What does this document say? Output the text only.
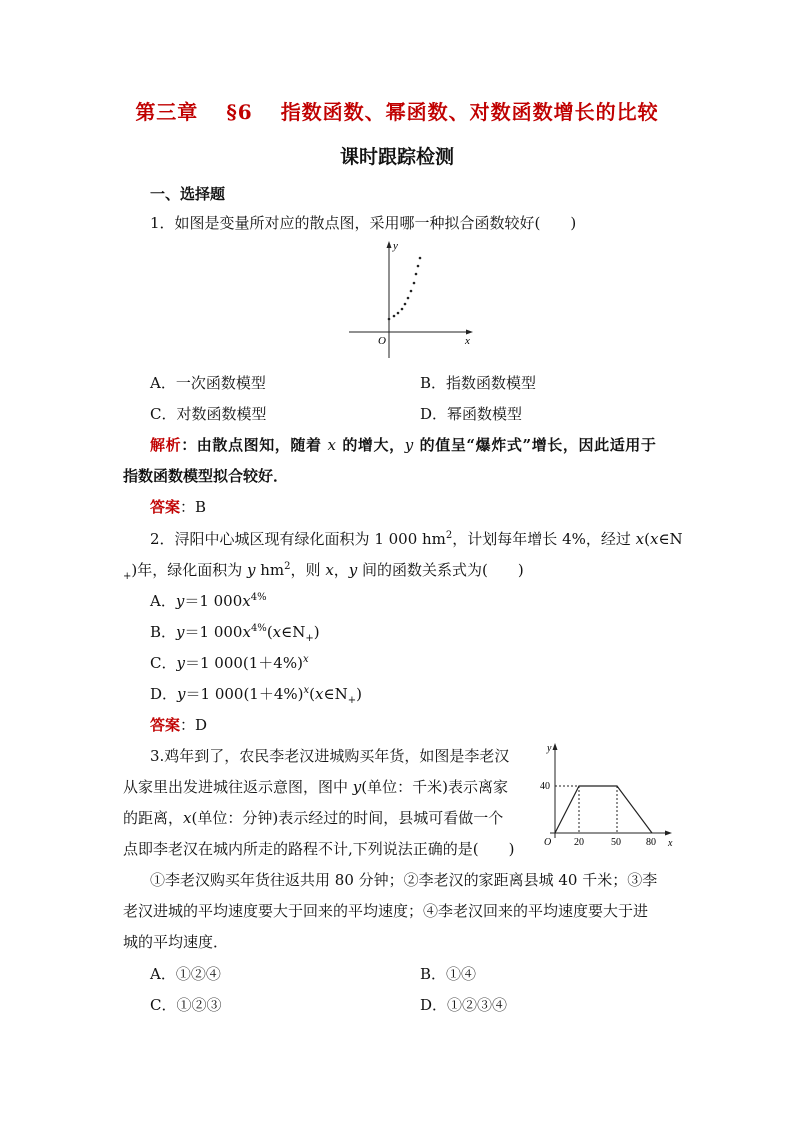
第三章 §6 指数函数、幂函数、对数函数增长的比较
课时跟踪检测
一、选择题
1．如图是变量所对应的散点图，采用哪一种拟合函数较好(　　)
y
x
O
A．一次函数模型	B．指数函数模型
C．对数函数模型	D．幂函数模型
解析：由散点图知，随着 x 的增大，y 的值呈“爆炸式”增长，因此适用于
指数函数模型拟合较好．
答案：B
2．浔阳中心城区现有绿化面积为 1 000 $hm^2$，计划每年增长 4%，经过 x(x∈N
$_+$)年，绿化面积为 y $hm^2$，则 x，y 间的函数关系式为(　　)
A．y＝1 $000x^{4\%}$
B．y＝1 $000x^{4\%}(x\in N_+)$
C．y＝1 $000(1+4\%)^x$
D．y＝1 $000(1+4\%)^x(x\in N_+)$
答案：D
3.鸡年到了，农民李老汉进城购买年货，如图是李老汉
从家里出发进城往返示意图，图中 y(单位：千米)表示离家
的距离，x(单位：分钟)表示经过的时间，县城可看做一个
点即李老汉在城内所走的路程不计,下列说法正确的是(　　)
y
x
O
40
20	50	80
①李老汉购买年货往返共用 80 分钟；②李老汉的家距离县城 40 千米；③李
老汉进城的平均速度要大于回来的平均速度；④李老汉回来的平均速度要大于进
城的平均速度．
A．①②④	B．①④
C．①②③	D．①②③④
